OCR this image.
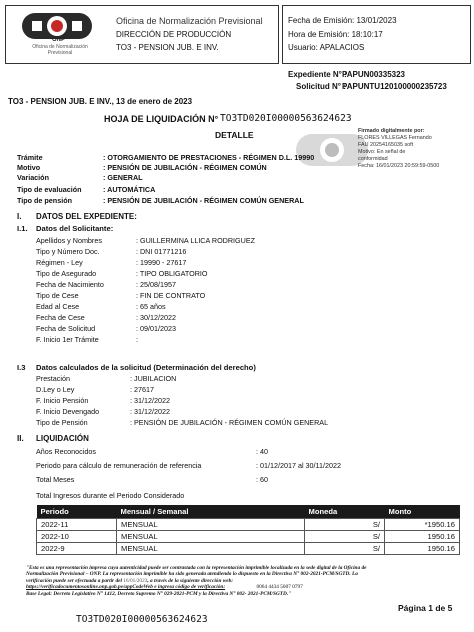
ONP
Oficina de Normalización Previsional
Oficina de Normalización Previsional
DIRECCIÓN DE PRODUCCIÓN
TO3 - PENSION JUB. E INV.
Fecha de Emisión: 13/01/2023
Hora de Emisión: 18:10:17
Usuario: APALACIOS
Expediente N° :
PAPUN00335323
Solicitud N° :
PAPUNTU120100000235723
TO3 - PENSION JUB. E INV., 13 de enero de 2023
HOJA DE LIQUIDACIÓN N° TO3TD020I00000563624623
DETALLE	Firmado digitalmente por:
FLORES VILLEGAS Fernando
FAU 20254165035 soft
Motivo: En señal de
conformidad
Fecha: 16/01/2023 20:59:59-0500
Trámite	: OTORGAMIENTO DE PRESTACIONES - RÉGIMEN D.L. 19990
Motivo	: PENSIÓN DE JUBILACIÓN - RÉGIMEN COMÚN
Variación	: GENERAL
Tipo de evaluación	: AUTOMÁTICA
Tipo de pensión	: PENSIÓN DE JUBILACIÓN - RÉGIMEN COMÚN GENERAL
I. DATOS DEL EXPEDIENTE:
I.1. Datos del Solicitante:
Apellidos y Nombres	: GUILLERMINA LLICA RODRIGUEZ
Tipo y Número Doc.	: DNI 01771216
Régimen - Ley	: 19990 - 27617
Tipo de Asegurado	: TIPO OBLIGATORIO
Fecha de Nacimiento	: 25/08/1957
Tipo de Cese	: FIN DE CONTRATO
Edad al Cese	: 65 años
Fecha de Cese	: 30/12/2022
Fecha de Solicitud	: 09/01/2023
F. Inicio 1er Trámite	:
I.3 Datos calculados de la solicitud (Determinación del derecho)
Prestación	: JUBILACION
D.Ley o Ley	: 27617
F. Inicio Pensión	: 31/12/2022
F. Inicio Devengado	: 31/12/2022
Tipo de Pensión	: PENSIÓN DE JUBILACIÓN - RÉGIMEN COMÚN GENERAL
II. LIQUIDACIÓN
Años Reconocidos	: 40
Periodo para cálculo de remuneración de referencia	: 01/12/2017 al 30/11/2022
Total Meses	: 60
Total Ingresos durante el Periodo Considerado
Periodo	Mensual / Semanal	Moneda	Monto
2022-11	MENSUAL	S/	*1950.16
2022-10	MENSUAL	S/	1950.16
2022-9	MENSUAL	S/	1950.16
"Esta es una representación impresa cuya autenticidad puede ser contrastada con la representación imprimible localizada en la sede digital de la Oficina de
Normalización Previsional – ONP. La representación imprimible ha sido generada atendiendo lo dispuesto en la Directiva N° 002-2021-PCM/SGTD. La
verificación puede ser efectuada a partir del 16/01/2023, a través de la siguiente dirección web:
https://verificadocumentosonline.onp.gob.pe/appCodeWeb e ingresa código de verificación:	0064 4434 5007 0797
Base Legal: Decreto Legislativo N° 1412, Decreto Supremo N° 029-2021-PCM y la Directiva N° 002- 2021-PCM/SGTD."
Página 1 de 5
TO3TD020I00000563624623
